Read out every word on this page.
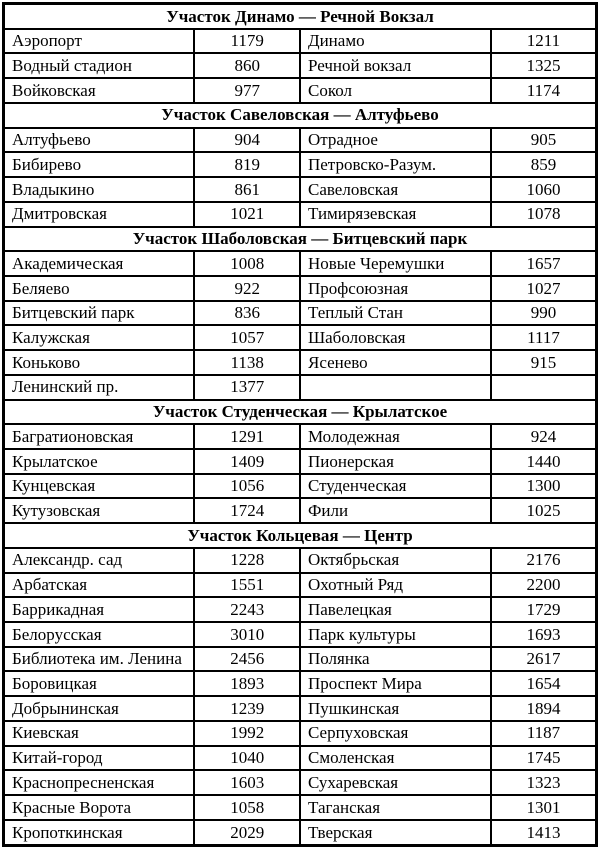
Участок Динамо — Речной Вокзал			
Аэропорт	1179	Динамо	1211
Водный стадион	860	Речной вокзал	1325
Войковская	977	Сокол	1174
Участок Савеловская — Алтуфьево			
Алтуфьево	904	Отрадное	905
Бибирево	819	Петровско-Разум.	859
Владыкино	861	Савеловская	1060
Дмитровская	1021	Тимирязевская	1078
Участок Шаболовская — Битцевский парк			
Академическая	1008	Новые Черемушки	1657
Беляево	922	Профсоюзная	1027
Битцевский парк	836	Теплый Стан	990
Калужская	1057	Шаболовская	1117
Коньково	1138	Ясенево	915
Ленинский пр.	1377		
Участок Студенческая — Крылатское			
Багратионовская	1291	Молодежная	924
Крылатское	1409	Пионерская	1440
Кунцевская	1056	Студенческая	1300
Кутузовская	1724	Фили	1025
Участок Кольцевая — Центр			
Александр. сад	1228	Октябрьская	2176
Арбатская	1551	Охотный Ряд	2200
Баррикадная	2243	Павелецкая	1729
Белорусская	3010	Парк культуры	1693
Библиотека им. Ленина	2456	Полянка	2617
Боровицкая	1893	Проспект Мира	1654
Добрынинская	1239	Пушкинская	1894
Киевская	1992	Серпуховская	1187
Китай-город	1040	Смоленская	1745
Краснопресненская	1603	Сухаревская	1323
Красные Ворота	1058	Таганская	1301
Кропоткинская	2029	Тверская	1413
